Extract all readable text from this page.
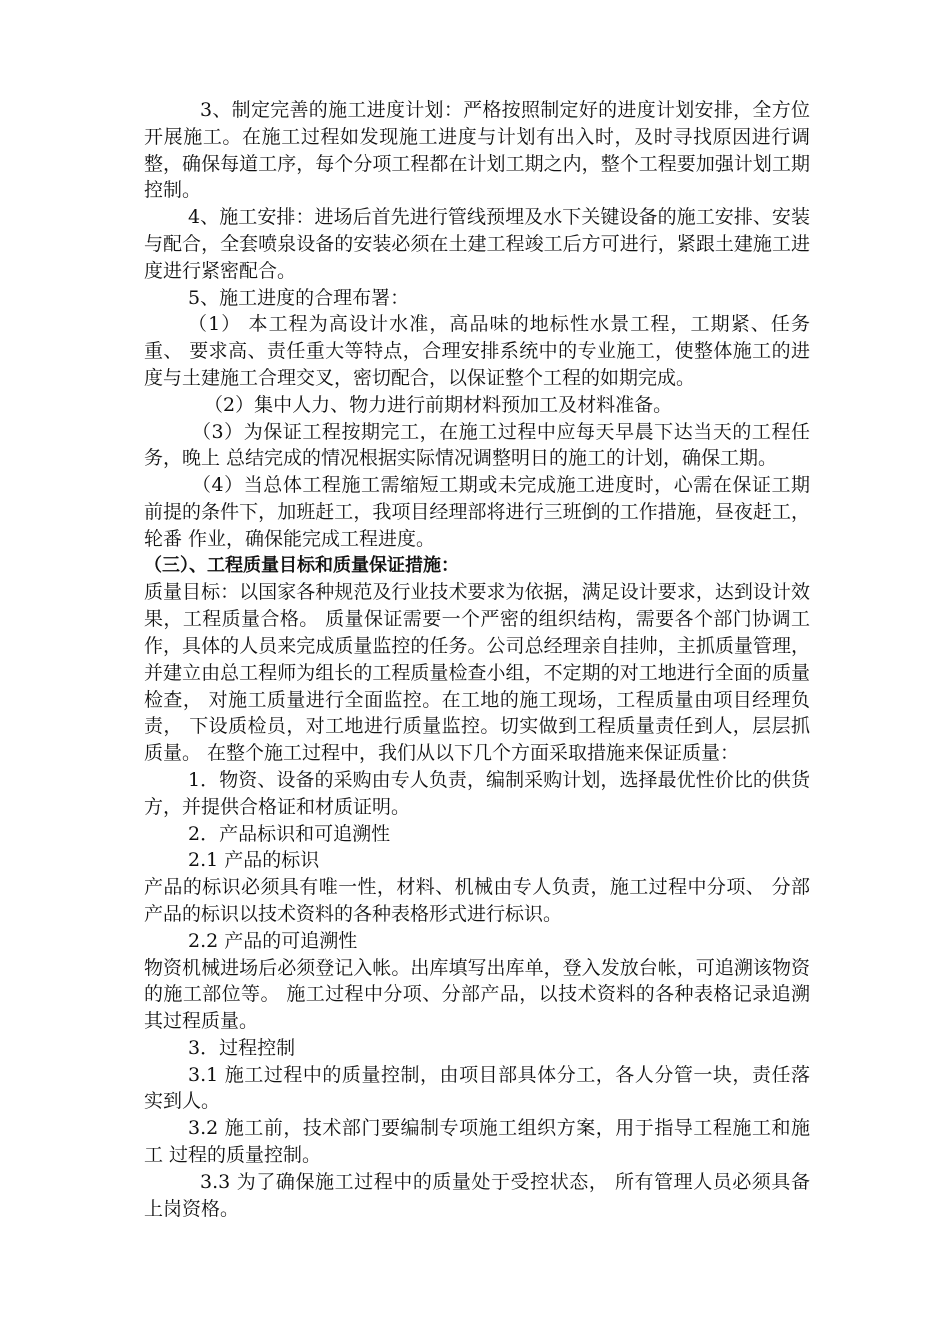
3、制定完善的施工进度计划：严格按照制定好的进度计划安排，全方位开展施工。在施工过程如发现施工进度与计划有出入时，及时寻找原因进行调整，确保每道工序，每个分项工程都在计划工期之内，整个工程要加强计划工期控制。

4、施工安排：进场后首先进行管线预埋及水下关键设备的施工安排、安装与配合，全套喷泉设备的安装必须在土建工程竣工后方可进行，紧跟土建施工进度进行紧密配合。

5、施工进度的合理布署：

（1） 本工程为高设计水准，高品味的地标性水景工程，工期紧、任务重、 要求高、责任重大等特点，合理安排系统中的专业施工，使整体施工的进度与土建施工合理交叉，密切配合，以保证整个工程的如期完成。

（2）集中人力、物力进行前期材料预加工及材料准备。

（3）为保证工程按期完工，在施工过程中应每天早晨下达当天的工程任务，晚上 总结完成的情况根据实际情况调整明日的施工的计划，确保工期。

（4）当总体工程施工需缩短工期或未完成施工进度时，心需在保证工期前提的条件下，加班赶工，我项目经理部将进行三班倒的工作措施，昼夜赶工，轮番 作业，确保能完成工程进度。

（三）、工程质量目标和质量保证措施：

质量目标：以国家各种规范及行业技术要求为依据，满足设计要求，达到设计效果，工程质量合格。 质量保证需要一个严密的组织结构，需要各个部门协调工作，具体的人员来完成质量监控的任务。公司总经理亲自挂帅，主抓质量管理，并建立由总工程师为组长的工程质量检查小组，不定期的对工地进行全面的质量检查， 对施工质量进行全面监控。在工地的施工现场，工程质量由项目经理负责， 下设质检员，对工地进行质量监控。切实做到工程质量责任到人，层层抓质量。 在整个施工过程中，我们从以下几个方面采取措施来保证质量：

1．物资、设备的采购由专人负责，编制采购计划，选择最优性价比的供货方，并提供合格证和材质证明。

2．产品标识和可追溯性

2.1 产品的标识

产品的标识必须具有唯一性，材料、机械由专人负责，施工过程中分项、 分部产品的标识以技术资料的各种表格形式进行标识。

2.2 产品的可追溯性

物资机械进场后必须登记入帐。出库填写出库单，登入发放台帐，可追溯该物资的施工部位等。 施工过程中分项、分部产品，以技术资料的各种表格记录追溯其过程质量。

3．过程控制

3.1 施工过程中的质量控制，由项目部具体分工，各人分管一块，责任落实到人。

3.2 施工前，技术部门要编制专项施工组织方案，用于指导工程施工和施工 过程的质量控制。

3.3 为了确保施工过程中的质量处于受控状态， 所有管理人员必须具备上岗资格。
